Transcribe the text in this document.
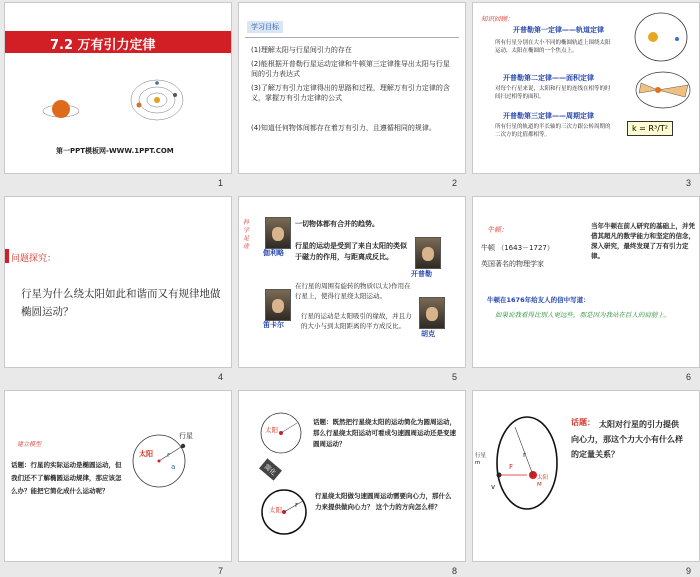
7.2 万有引力定律
第一PPT模板网-WWW.1PPT.COM
1
学习目标
(1)理解太阳与行星间引力的存在
(2)能根据开普勒行星运动定律和牛顿第三定律推导出太阳与行星间的引力表达式
(3)了解万有引力定律得出的思路和过程，理解万有引力定律的含义，掌握万有引力定律的公式
(4)知道任何物体间都存在着万有引力，且遵循相同的规律。
2
知识回顾：
开普勒第一定律——轨道定律
所有行星分别在大小不同的椭圆轨道上围绕太阳运动，太阳在椭圆的一个焦点上。
开普勒第二定律——面积定律
对每个行星来说，太阳和行星的连线在相等的时间扫过相等的面积。
开普勒第三定律——周期定律
所有行星的轨道的半长轴的三次方跟公转周期的二次方的比值都相等。
k = R³/T²
3
问题探究：
行星为什么绕太阳如此和谐而又有规律地做椭圆运动？
4
科学足迹
伽利略
笛卡尔
开普勒
胡克
一切物体都有合并的趋势。
行星的运动是受到了来自太阳的类似于磁力的作用，与距离成反比。
在行星的周围有旋转的物质(以太)作用在行星上，使得行星绕太阳运动。
行星的运动是太阳吸引的缘故，并且力的大小与到太阳距离的平方成反比。
5
牛顿：
牛顿 （1643－1727）
英国著名的物理学家
当年牛顿在前人研究的基础上，并凭借其超凡的数学能力和坚定的信念，深入研究，最终发现了万有引力定律。
牛顿在1676年给友人的信中写道：
如果说我看得比别人更远些，那是因为我站在巨人的肩膀上。
6
建立模型
话题：行星的实际运动是椭圆运动，但我们还不了解椭圆运动规律，那应该怎么办？能把它简化成什么运动呢？
太阳
行星
r
a
7
太阳
简化
太阳
r
话题：既然把行星绕太阳的运动简化为圆周运动，那么行星绕太阳运动可看成匀速圆周运动还是变速圆周运动？
行星绕太阳做匀速圆周运动需要向心力，那什么力来提供做向心力？ 这个力的方向怎么样？
8
行星 m
太阳 M
r
F
v
话题： 太阳对行星的引力提供向心力，那这个力大小有什么样的定量关系？
9
